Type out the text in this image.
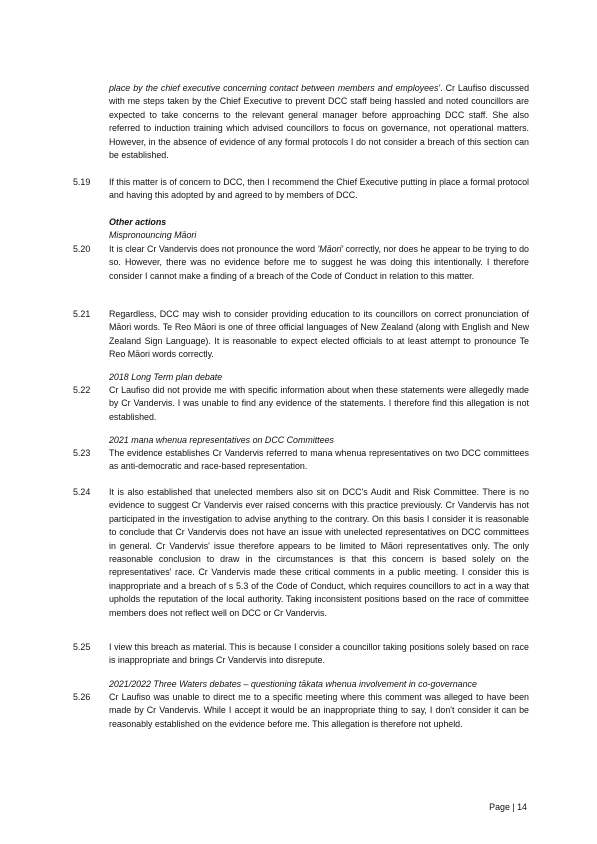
place by the chief executive concerning contact between members and employees'. Cr Laufiso discussed with me steps taken by the Chief Executive to prevent DCC staff being hassled and noted councillors are expected to take concerns to the relevant general manager before approaching DCC staff. She also referred to induction training which advised councillors to focus on governance, not operational matters. However, in the absence of evidence of any formal protocols I do not consider a breach of this section can be established.
5.19 If this matter is of concern to DCC, then I recommend the Chief Executive putting in place a formal protocol and having this adopted by and agreed to by members of DCC.
Other actions
Mispronouncing Māori
5.20 It is clear Cr Vandervis does not pronounce the word 'Māori' correctly, nor does he appear to be trying to do so. However, there was no evidence before me to suggest he was doing this intentionally. I therefore consider I cannot make a finding of a breach of the Code of Conduct in relation to this matter.
5.21 Regardless, DCC may wish to consider providing education to its councillors on correct pronunciation of Māori words. Te Reo Māori is one of three official languages of New Zealand (along with English and New Zealand Sign Language). It is reasonable to expect elected officials to at least attempt to pronounce Te Reo Māori words correctly.
2018 Long Term plan debate
5.22 Cr Laufiso did not provide me with specific information about when these statements were allegedly made by Cr Vandervis. I was unable to find any evidence of the statements. I therefore find this allegation is not established.
2021 mana whenua representatives on DCC Committees
5.23 The evidence establishes Cr Vandervis referred to mana whenua representatives on two DCC committees as anti-democratic and race-based representation.
5.24 It is also established that unelected members also sit on DCC's Audit and Risk Committee. There is no evidence to suggest Cr Vandervis ever raised concerns with this practice previously. Cr Vandervis has not participated in the investigation to advise anything to the contrary. On this basis I consider it is reasonable to conclude that Cr Vandervis does not have an issue with unelected representatives on DCC committees in general. Cr Vandervis' issue therefore appears to be limited to Māori representatives only. The only reasonable conclusion to draw in the circumstances is that this concern is based solely on the representatives' race. Cr Vandervis made these critical comments in a public meeting. I consider this is inappropriate and a breach of s 5.3 of the Code of Conduct, which requires councillors to act in a way that upholds the reputation of the local authority. Taking inconsistent positions based on the race of committee members does not reflect well on DCC or Cr Vandervis.
5.25 I view this breach as material. This is because I consider a councillor taking positions solely based on race is inappropriate and brings Cr Vandervis into disrepute.
2021/2022 Three Waters debates – questioning tākata whenua involvement in co-governance
5.26 Cr Laufiso was unable to direct me to a specific meeting where this comment was alleged to have been made by Cr Vandervis. While I accept it would be an inappropriate thing to say, I don't consider it can be reasonably established on the evidence before me. This allegation is therefore not upheld.
Page | 14
